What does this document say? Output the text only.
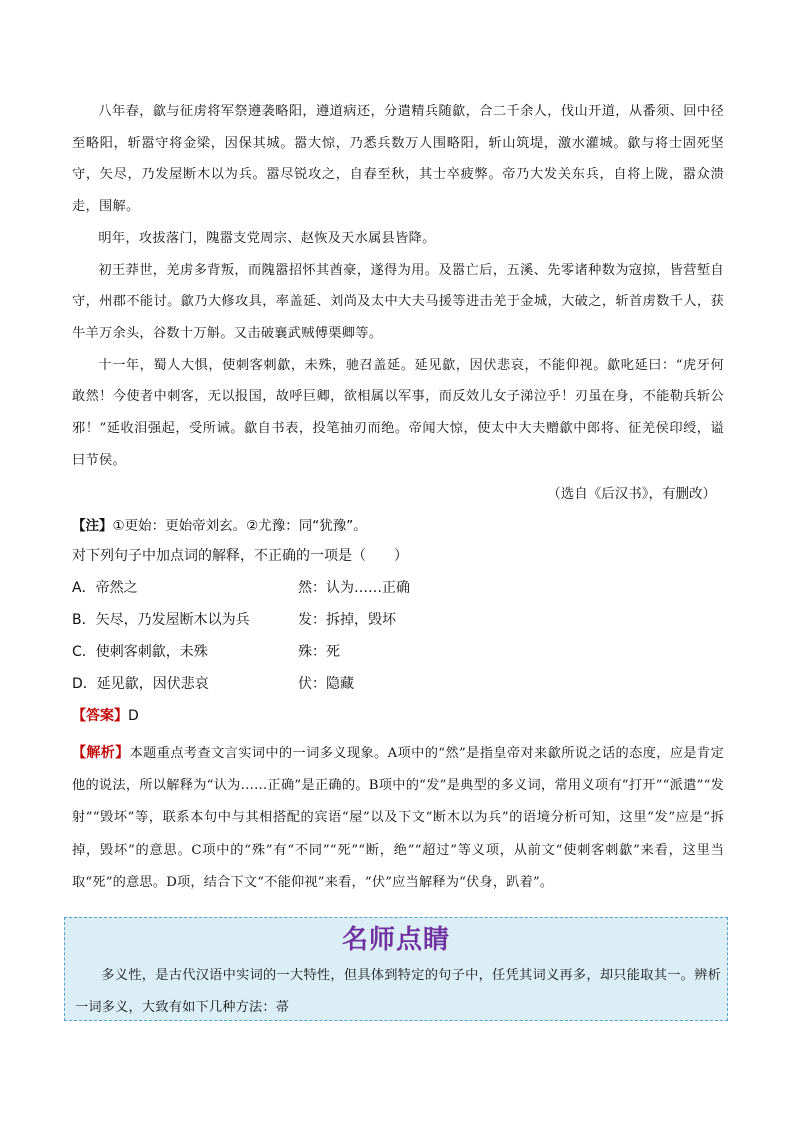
八年春，歙与征虏将军祭遵袭略阳，遵道病还，分遣精兵随歙，合二千余人，伐山开道，从番须、回中径至略阳，斩嚣守将金梁，因保其城。嚣大惊，乃悉兵数万人围略阳，斩山筑堤，激水灌城。歙与将士固死坚守，矢尽，乃发屋断木以为兵。嚣尽锐攻之，自春至秋，其士卒疲弊。帝乃大发关东兵，自将上陇，嚣众溃走，围解。

明年，攻拔落门，隗嚣支党周宗、赵恢及天水属县皆降。

初王莽世，羌虏多背叛，而隗嚣招怀其酋豪，遂得为用。及嚣亡后，五溪、先零诸种数为寇掠，皆营堑自守，州郡不能讨。歙乃大修攻具，率盖延、刘尚及太中大夫马援等进击羌于金城，大破之，斩首虏数千人，获牛羊万余头，谷数十万斛。又击破襄武贼傅栗卿等。

十一年，蜀人大惧，使刺客刺歙，未殊，驰召盖延。延见歙，因伏悲哀，不能仰视。歙叱延曰：“虎牙何敢然！今使者中刺客，无以报国，故呼巨卿，欲相属以军事，而反效儿女子涕泣乎！刃虽在身，不能勒兵斩公邪！”延收泪强起，受所诫。歙自书表，投笔抽刃而绝。帝闻大惊，使太中大夫赠歙中郎将、征羌侯印绶，谥曰节侯。

（选自《后汉书》，有删改）
【注】①更始：更始帝刘玄。②尤豫：同“犹豫”。
对下列句子中加点词的解释，不正确的一项是（　　）
A．帝然之	然：认为……正确
B．矢尽，乃发屋断木以为兵	发：拆掉，毁坏
C．使刺客刺歙，未殊	殊：死
D．延见歙，因伏悲哀	伏：隐藏
【答案】D

【解析】本题重点考查文言实词中的一词多义现象。A项中的“然”是指皇帝对来歙所说之话的态度，应是肯定他的说法，所以解释为“认为……正确”是正确的。B项中的“发”是典型的多义词，常用义项有“打开”“派遣”“发射”“毁坏”等，联系本句中与其相搭配的宾语“屋”以及下文“断木以为兵”的语境分析可知，这里“发”应是“拆掉，毁坏”的意思。C项中的“殊”有“不同”“死”“断，绝”“超过”等义项，从前文“使刺客刺歙”来看，这里当取“死”的意思。D项，结合下文“不能仰视”来看，“伏”应当解释为“伏身，趴着”。

名师点睛

多义性，是古代汉语中实词的一大特性，但具体到特定的句子中，任凭其词义再多，却只能取其一。辨析一词多义，大致有如下几种方法：菷
